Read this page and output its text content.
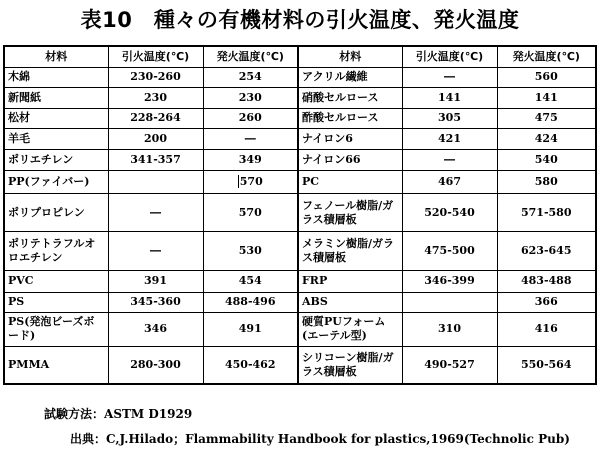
表10　種々の有機材料の引火温度、発火温度
材料	引火温度(℃)	発火温度(℃)	材料	引火温度(℃)	発火温度(℃)
木綿	230-260	254	アクリル繊維	―	560
新聞紙	230	230	硝酸セルロース	141	141
松材	228-264	260	酢酸セルロース	305	475
羊毛	200	―	ナイロン6	421	424
ポリエチレン	341-357	349	ナイロン66	―	540
PP(ファイバー)		570	PC	467	580
ポリプロピレン	―	570	フェノール樹脂/ガラス積層板	520-540	571-580
ポリテトラフルオロエチレン	―	530	メラミン樹脂/ガラス積層板	475-500	623-645
PVC	391	454	FRP	346-399	483-488
PS	345-360	488-496	ABS		366
PS(発泡ビーズボード)	346	491	硬質PUフォーム(エーテル型)	310	416
PMMA	280-300	450-462	シリコーン樹脂/ガラス積層板	490-527	550-564
試験方法：ASTM D1929
出典：C,J.Hilado；Flammability Handbook for plastics,1969(Technolic Pub)
